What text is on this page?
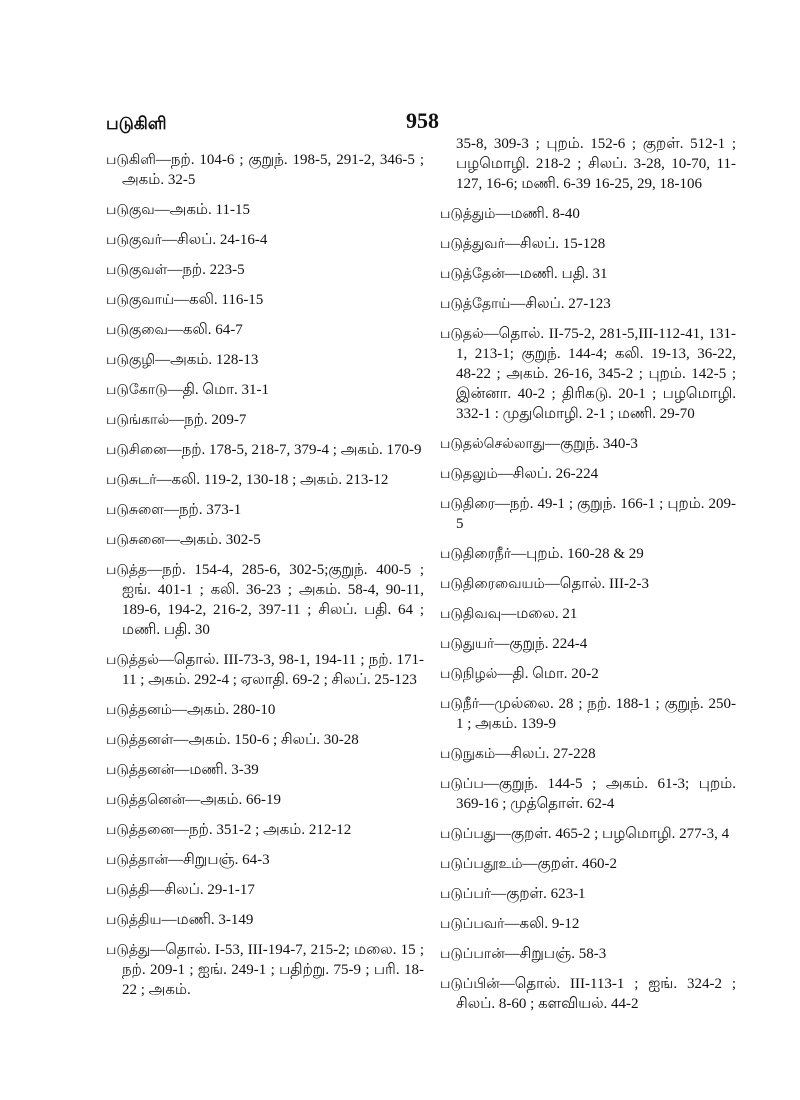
படுகிளி	958

படுகிளி—நற். 104-6 ; குறுந். 198-5, 291-2, 346-5 ; அகம். 32-5

படுகுவ—அகம். 11-15

படுகுவர்—சிலப். 24-16-4

படுகுவள்—நற். 223-5

படுகுவாய்—கலி. 116-15

படுகுவை—கலி. 64-7

படுகுழி—அகம். 128-13

படுகோடு—தி. மொ. 31-1

படுங்கால்—நற். 209-7

படுசினை—நற். 178-5, 218-7, 379-4 ; அகம். 170-9

படுசுடர்—கலி. 119-2, 130-18 ; அகம். 213-12

படுசுளை—நற். 373-1

படுசுனை—அகம். 302-5

படுத்த—நற். 154-4, 285-6, 302-5;குறுந். 400-5 ; ஐங். 401-1 ; கலி. 36-23 ; அகம். 58-4, 90-11, 189-6, 194-2, 216-2, 397-11 ; சிலப். பதி. 64 ; மணி. பதி. 30

படுத்தல்—தொல். III-73-3, 98-1, 194-11 ; நற். 171-11 ; அகம். 292-4 ; ஏலாதி. 69-2 ; சிலப். 25-123

படுத்தனம்—அகம். 280-10

படுத்தனள்—அகம். 150-6 ; சிலப். 30-28

படுத்தனன்—மணி. 3-39

படுத்தனென்—அகம். 66-19

படுத்தனை—நற். 351-2 ; அகம். 212-12

படுத்தான்—சிறுபஞ். 64-3

படுத்தி—சிலப். 29-1-17

படுத்திய—மணி. 3-149

படுத்து—தொல். I-53, III-194-7, 215-2; மலை. 15 ; நற். 209-1 ; ஐங். 249-1 ; பதிற்று. 75-9 ; பரி. 18-22 ; அகம்.

35-8, 309-3 ; புறம். 152-6 ; குறள். 512-1 ; பழமொழி. 218-2 ; சிலப். 3-28, 10-70, 11-127, 16-6; மணி. 6-39 16-25, 29, 18-106

படுத்தும்—மணி. 8-40

படுத்துவர்—சிலப். 15-128

படுத்தேன்—மணி. பதி. 31

படுத்தோய்—சிலப். 27-123

படுதல்—தொல். II-75-2, 281-5,III-112-41, 131-1, 213-1; குறுந். 144-4; கலி. 19-13, 36-22, 48-22 ; அகம். 26-16, 345-2 ; புறம். 142-5 ; இன்னா. 40-2 ; திரிகடு. 20-1 ; பழமொழி. 332-1 : முதுமொழி. 2-1 ; மணி. 29-70

படுதல்செல்லாது—குறுந். 340-3

படுதலும்—சிலப். 26-224

படுதிரை—நற். 49-1 ; குறுந். 166-1 ; புறம். 209-5

படுதிரைநீர்—புறம். 160-28 & 29

படுதிரைவையம்—தொல். III-2-3

படுதிவவு—மலை. 21

படுதுயர்—குறுந். 224-4

படுநிழல்—தி. மொ. 20-2

படுநீர்—முல்லை. 28 ; நற். 188-1 ; குறுந். 250-1 ; அகம். 139-9

படுநுகம்—சிலப். 27-228

படுப்ப—குறுந். 144-5 ; அகம். 61-3; புறம். 369-16 ; முத்தொள். 62-4

படுப்பது—குறள். 465-2 ; பழமொழி. 277-3, 4

படுப்பதூஉம்—குறள். 460-2

படுப்பர்—குறள். 623-1

படுப்பவர்—கலி. 9-12

படுப்பான்—சிறுபஞ். 58-3

படுப்பின்—தொல். III-113-1 ; ஐங். 324-2 ; சிலப். 8-60 ; களவியல். 44-2
